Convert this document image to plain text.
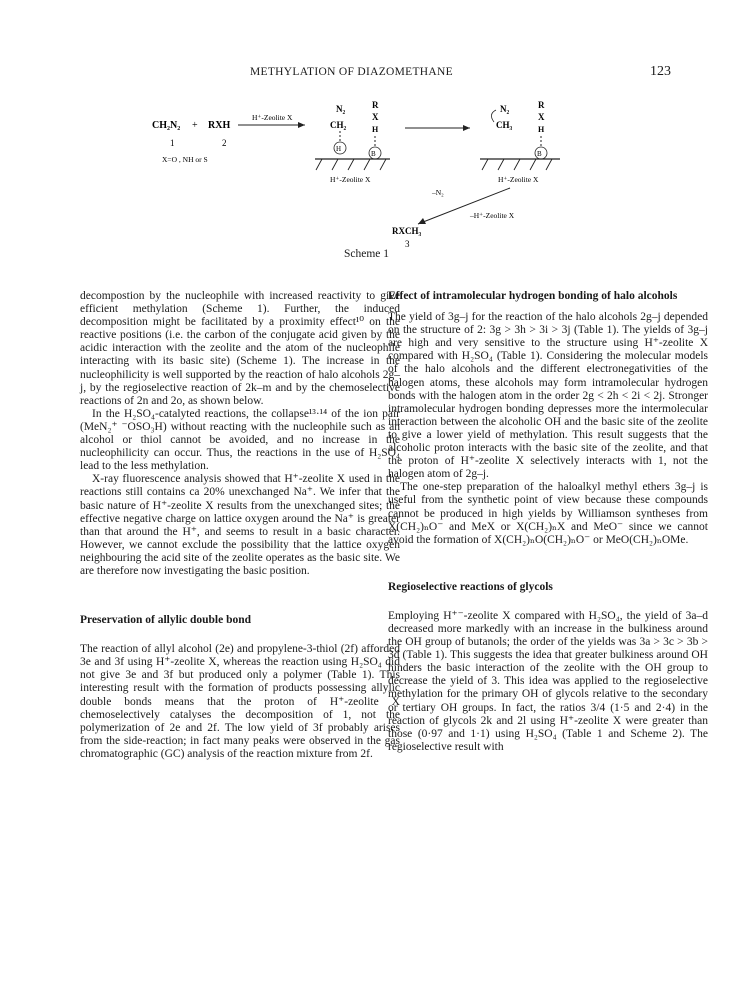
METHYLATION OF DIAZOMETHANE	123
CH₂N₂ + RXH
H⁺-Zeolite X
1	2
X=O , NH or S
N₂
CH₂
H
R
X
H
B
H⁺-Zeolite X
N₂
CH₃
R
X
H
B
H⁺-Zeolite X
–N₂
–H⁺-Zeolite X
RXCH₃
3
Scheme 1

decompostion by the nucleophile with increased reactivity to give efficient methylation (Scheme 1). Further, the induced decomposition might be facilitated by a proximity effect¹⁰ on the reactive positions (i.e. the carbon of the conjugate acid given by the acidic interaction with the zeolite and the atom of the nucleophile interacting with its basic site) (Scheme 1). The increase in the nucleophilicity is well supported by the reaction of halo alcohols 2g–j, by the regioselective reaction of 2k–m and by the chemoselective reactions of 2n and 2o, as shown below.

In the H₂SO₄-catalyted reactions, the collapse¹³·¹⁴ of the ion pair (MeN₂⁺ ⁻OSO₃H) without reacting with the nucleophile such as an alcohol or thiol cannot be avoided, and no increase in the nucleophilicity can occur. Thus, the reactions in the use of H₂SO₄ lead to the less methylation.

X-ray fluorescence analysis showed that H⁺-zeolite X used in the reactions still contains ca 20% unexchanged Na⁺. We infer that the basic nature of H⁺-zeolite X results from the unexchanged sites; the effective negative charge on lattice oxygen around the Na⁺ is greater than that around the H⁺, and seems to result in a basic character. However, we cannot exclude the possibility that the lattice oxygen neighbouring the acid site of the zeolite operates as the basic site. We are therefore now investigating the basic position.

Preservation of allylic double bond

The reaction of allyl alcohol (2e) and propylene-3-thiol (2f) afforded 3e and 3f using H⁺-zeolite X, whereas the reaction using H₂SO₄ did not give 3e and 3f but produced only a polymer (Table 1). This interesting result with the formation of products possessing allylic double bonds means that the proton of H⁺-zeolite X chemoselectively catalyses the decomposition of 1, not the polymerization of 2e and 2f. The low yield of 3f probably arises from the side-reaction; in fact many peaks were observed in the gas chromatographic (GC) analysis of the reaction mixture from 2f.

Effect of intramolecular hydrogen bonding of halo alcohols

The yield of 3g–j for the reaction of the halo alcohols 2g–j depended on the structure of 2: 3g > 3h > 3i > 3j (Table 1). The yields of 3g–j are high and very sensitive to the structure using H⁺-zeolite X compared with H₂SO₄ (Table 1). Considering the molecular models of the halo alcohols and the different electronegativities of the halogen atoms, these alcohols may form intramolecular hydrogen bonds with the halogen atom in the order 2g < 2h < 2i < 2j. Stronger intramolecular hydrogen bonding depresses more the intermolecular interaction between the alcoholic OH and the basic site of the zeolite to give a lower yield of methylation. This result suggests that the alcoholic proton interacts with the basic site of the zeolite, and that the proton of H⁺-zeolite X selectively interacts with 1, not the halogen atom of 2g–j.

The one-step preparation of the haloalkyl methyl ethers 3g–j is useful from the synthetic point of view because these compounds cannot be produced in high yields by Williamson syntheses from X(CH₂)ₙO⁻ and MeX or X(CH₂)ₙX and MeO⁻ since we cannot avoid the formation of X(CH₂)ₙO(CH₂)ₙO⁻ or MeO(CH₂)ₙOMe.

Regioselective reactions of glycols

Employing H⁺⁻-zeolite X compared with H₂SO₄, the yield of 3a–d decreased more markedly with an increase in the bulkiness around the OH group of butanols; the order of the yields was 3a > 3c > 3b > 3d (Table 1). This suggests the idea that greater bulkiness around OH hinders the basic interaction of the zeolite with the OH group to decrease the yield of 3. This idea was applied to the regioselective methylation for the primary OH of glycols relative to the secondary or tertiary OH groups. In fact, the ratios 3/4 (1·5 and 2·4) in the reaction of glycols 2k and 2l using H⁺-zeolite X were greater than those (0·97 and 1·1) using H₂SO₄ (Table 1 and Scheme 2). The regioselective result with
